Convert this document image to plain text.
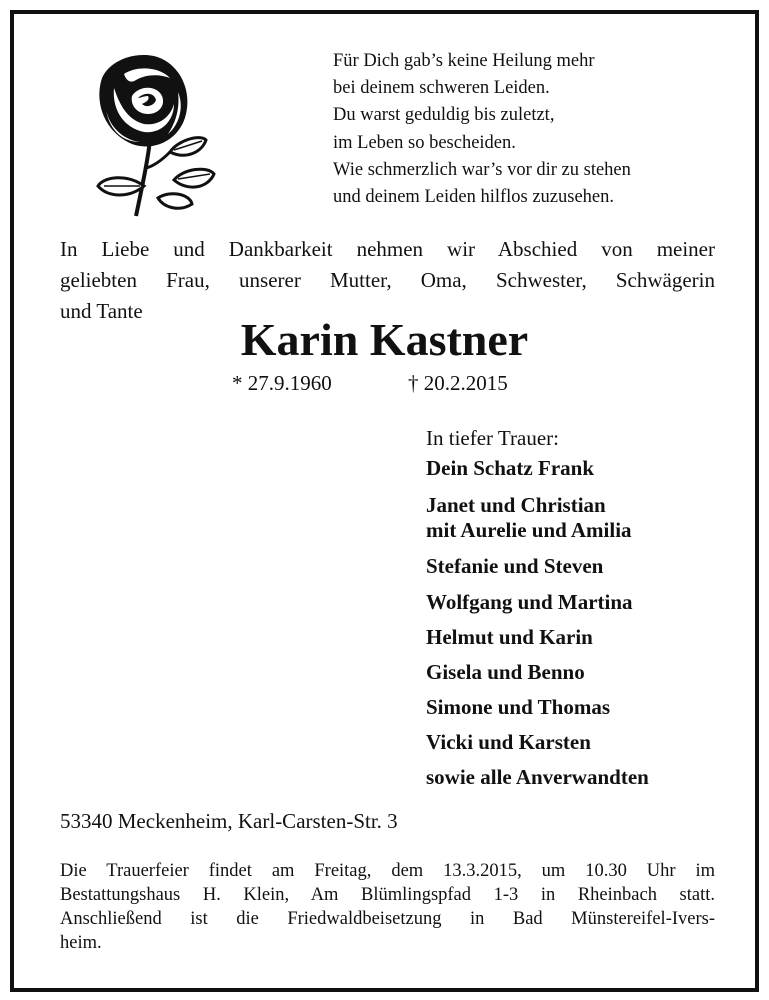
Für Dich gab’s keine Heilung mehr
bei deinem schweren Leiden.
Du warst geduldig bis zuletzt,
im Leben so bescheiden.
Wie schmerzlich war’s vor dir zu stehen
und deinem Leiden hilflos zuzusehen.
In Liebe und Dankbarkeit nehmen wir Abschied von meiner
geliebten Frau, unserer Mutter, Oma, Schwester, Schwägerin
und Tante
Karin Kastner
* 27.9.1960	† 20.2.2015
In tiefer Trauer:
Dein Schatz Frank
Janet und Christian
mit Aurelie und Amilia
Stefanie und Steven
Wolfgang und Martina
Helmut und Karin
Gisela und Benno
Simone und Thomas
Vicki und Karsten
sowie alle Anverwandten
53340 Meckenheim, Karl-Carsten-Str. 3
Die Trauerfeier findet am Freitag, dem 13.3.2015, um 10.30 Uhr im
Bestattungshaus H. Klein, Am Blümlingspfad 1-3 in Rheinbach statt.
Anschließend ist die Friedwaldbeisetzung in Bad Münstereifel-Ivers-
heim.
